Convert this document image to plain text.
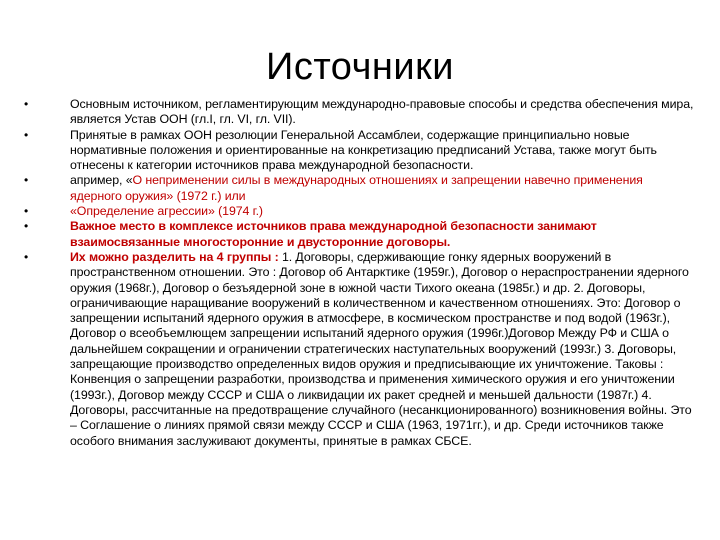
Источники
• Основным источником, регламентирующим международно-правовые способы и средства обеспечения мира, является Устав ООН (гл.I, гл. VI, гл. VII).
• Принятые в рамках ООН резолюции Генеральной Ассамблеи, содержащие принципиально новые нормативные положения и ориентированные на конкретизацию предписаний Устава, также могут быть отнесены к категории источников права международной безопасности.
• апример, «О неприменении силы в международных отношениях и запрещении навечно применения ядерного оружия» (1972 г.) или
• «Определение агрессии» (1974 г.)
• Важное место в комплексе источников права международной безопасности занимают взаимосвязанные многосторонние и двусторонние договоры.
• Их можно разделить на 4 группы : 1. Договоры, сдерживающие гонку ядерных вооружений в пространственном отношении. Это : Договор об Антарктике (1959г.), Договор о нераспространении ядерного оружия (1968г.), Договор о безъядерной зоне в южной части Тихого океана (1985г.) и др. 2. Договоры, ограничивающие наращивание вооружений в количественном и качественном отношениях. Это: Договор о запрещении испытаний ядерного оружия в атмосфере, в космическом пространстве и под водой (1963г.), Договор о всеобъемлющем запрещении испытаний ядерного оружия (1996г.)Договор Между РФ и США о дальнейшем сокращении и ограничении стратегических наступательных вооружений (1993г.) 3. Договоры, запрещающие производство определенных видов оружия и предписывающие их уничтожение. Таковы : Конвенция о запрещении разработки, производства и применения химического оружия и его уничтожении (1993г.), Договор между СССР и США о ликвидации их ракет средней и меньшей дальности (1987г.) 4. Договоры, рассчитанные на предотвращение случайного (несанкционированного) возникновения войны. Это – Соглашение о линиях прямой связи между СССР и США (1963, 1971гг.), и др. Среди источников также особого внимания заслуживают документы, принятые в рамках СБСЕ.
